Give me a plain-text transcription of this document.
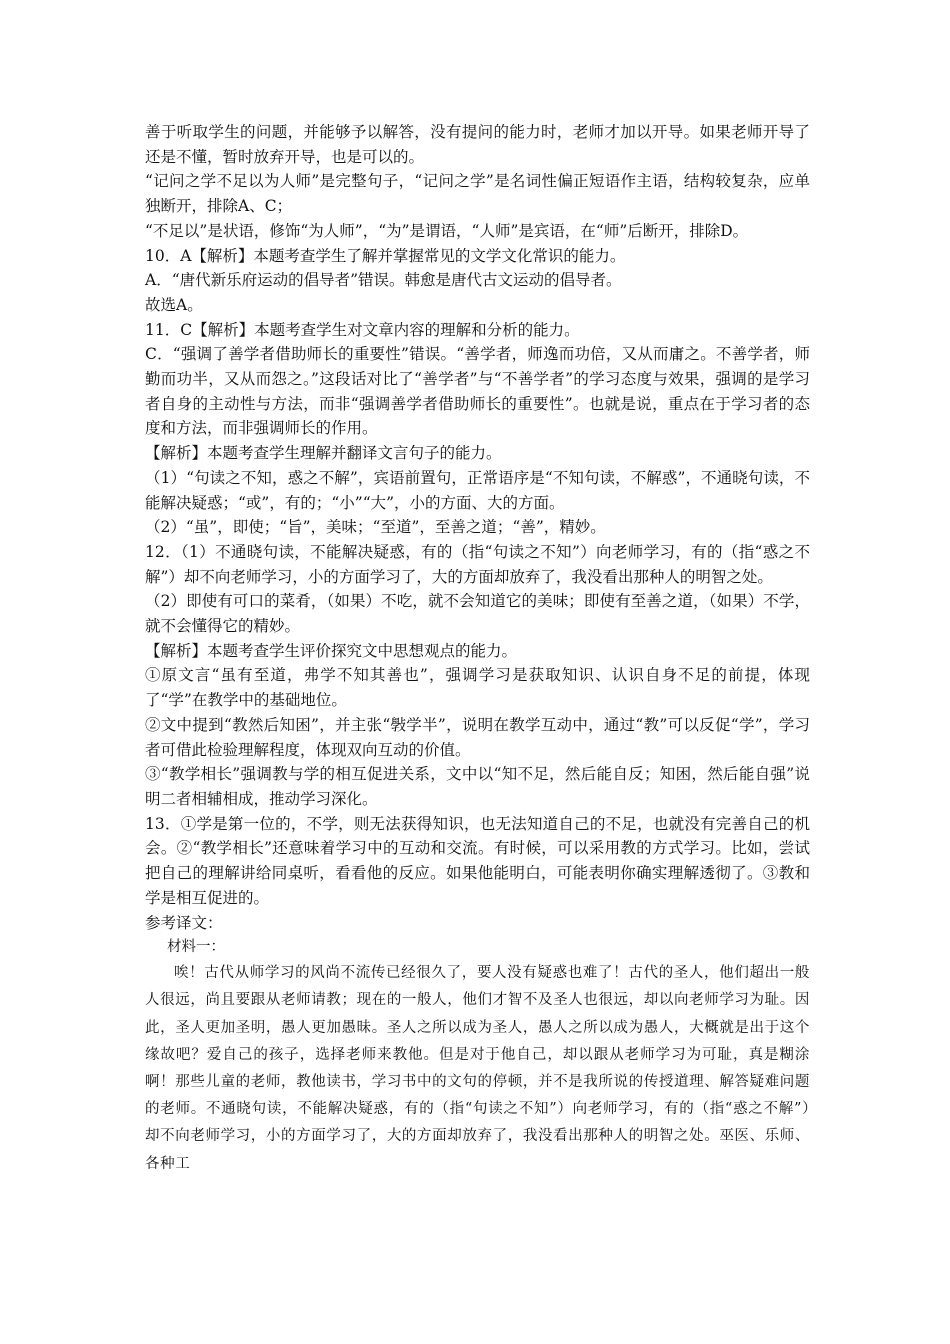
善于听取学生的问题，并能够予以解答，没有提问的能力时，老师才加以开导。如果老师开导了还是不懂，暂时放弃开导，也是可以的。

“记问之学不足以为人师”是完整句子，“记问之学”是名词性偏正短语作主语，结构较复杂，应单独断开，排除A、C；

“不足以”是状语，修饰“为人师”，“为”是谓语，“人师”是宾语，在“师”后断开，排除D。

10．A【解析】本题考查学生了解并掌握常见的文学文化常识的能力。

A．“唐代新乐府运动的倡导者”错误。韩愈是唐代古文运动的倡导者。

故选A。

11．C【解析】本题考查学生对文章内容的理解和分析的能力。

C．“强调了善学者借助师长的重要性”错误。“善学者，师逸而功倍，又从而庸之。不善学者，师勤而功半，又从而怨之。”这段话对比了“善学者”与“不善学者”的学习态度与效果，强调的是学习者自身的主动性与方法，而非“强调善学者借助师长的重要性”。也就是说，重点在于学习者的态度和方法，而非强调师长的作用。

【解析】本题考查学生理解并翻译文言句子的能力。

（1）“句读之不知，惑之不解”，宾语前置句，正常语序是“不知句读，不解惑”，不通晓句读，不能解决疑惑；“或”，有的；“小”“大”，小的方面、大的方面。

（2）“虽”，即使；“旨”，美味；“至道”，至善之道；“善”，精妙。

12．（1）不通晓句读，不能解决疑惑，有的（指“句读之不知”）向老师学习，有的（指“惑之不解”）却不向老师学习，小的方面学习了，大的方面却放弃了，我没看出那种人的明智之处。

（2）即使有可口的菜肴，（如果）不吃，就不会知道它的美味；即使有至善之道，（如果）不学，就不会懂得它的精妙。

【解析】本题考查学生评价探究文中思想观点的能力。

①原文言“虽有至道，弗学不知其善也”，强调学习是获取知识、认识自身不足的前提，体现了“学”在教学中的基础地位。

②文中提到“教然后知困”，并主张“斅学半”，说明在教学互动中，通过“教”可以反促“学”，学习者可借此检验理解程度，体现双向互动的价值。

③“教学相长”强调教与学的相互促进关系，文中以“知不足，然后能自反；知困，然后能自强”说明二者相辅相成，推动学习深化。

13．①学是第一位的，不学，则无法获得知识，也无法知道自己的不足，也就没有完善自己的机会。②“教学相长”还意味着学习中的互动和交流。有时候，可以采用教的方式学习。比如，尝试把自己的理解讲给同桌听，看看他的反应。如果他能明白，可能表明你确实理解透彻了。③教和学是相互促进的。

参考译文：

材料一：

唉！古代从师学习的风尚不流传已经很久了，要人没有疑惑也难了！古代的圣人，他们超出一般人很远，尚且要跟从老师请教；现在的一般人，他们才智不及圣人也很远，却以向老师学习为耻。因此，圣人更加圣明，愚人更加愚昧。圣人之所以成为圣人，愚人之所以成为愚人，大概就是出于这个缘故吧？爱自己的孩子，选择老师来教他。但是对于他自己，却以跟从老师学习为可耻，真是糊涂啊！那些儿童的老师，教他读书，学习书中的文句的停顿，并不是我所说的传授道理、解答疑难问题的老师。不通晓句读，不能解决疑惑，有的（指“句读之不知”）向老师学习，有的（指“惑之不解”）却不向老师学习，小的方面学习了，大的方面却放弃了，我没看出那种人的明智之处。巫医、乐师、各种工
